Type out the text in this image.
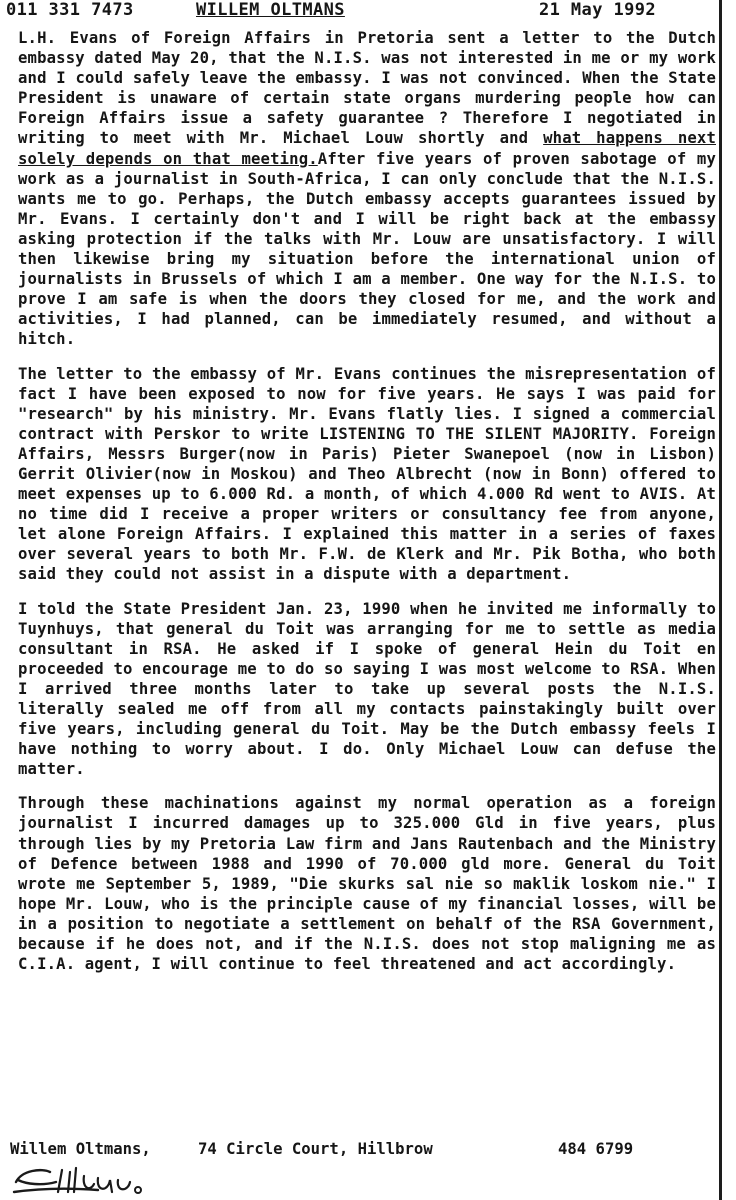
011 331 7473	WILLEM OLTMANS	21 May 1992

L.H. Evans of Foreign Affairs in Pretoria sent a letter to the Dutch embassy dated May 20, that the N.I.S. was not interested in me or my work and I could safely leave the embassy. I was not convinced. When the State President is unaware of certain state organs murdering people how can Foreign Affairs issue a safety guarantee ? Therefore I negotiated in writing to meet with Mr. Michael Louw shortly and what happens next solely depends on that meeting.After five years of proven sabotage of my work as a journalist in South-Africa, I can only conclude that the N.I.S. wants me to go. Perhaps, the Dutch embassy accepts guarantees issued by Mr. Evans. I certainly don't and I will be right back at the embassy asking protection if the talks with Mr. Louw are unsatisfactory. I will then likewise bring my situation before the international union of journalists in Brussels of which I am a member. One way for the N.I.S. to prove I am safe is when the doors they closed for me, and the work and activities, I had planned, can be immediately resumed, and without a hitch.

The letter to the embassy of Mr. Evans continues the misrepresentation of fact I have been exposed to now for five years. He says I was paid for "research" by his ministry. Mr. Evans flatly lies. I signed a commercial contract with Perskor to write LISTENING TO THE SILENT MAJORITY. Foreign Affairs, Messrs Burger(now in Paris) Pieter Swanepoel (now in Lisbon) Gerrit Olivier(now in Moskou) and Theo Albrecht (now in Bonn) offered to meet expenses up to 6.000 Rd. a month, of which 4.000 Rd went to AVIS. At no time did I receive a proper writers or consultancy fee from anyone, let alone Foreign Affairs. I explained this matter in a series of faxes over several years to both Mr. F.W. de Klerk and Mr. Pik Botha, who both said they could not assist in a dispute with a department.

I told the State President Jan. 23, 1990 when he invited me informally to Tuynhuys, that general du Toit was arranging for me to settle as media consultant in RSA. He asked if I spoke of general Hein du Toit en proceeded to encourage me to do so saying I was most welcome to RSA. When I arrived three months later to take up several posts the N.I.S. literally sealed me off from all my contacts painstakingly built over five years, including general du Toit. May be the Dutch embassy feels I have nothing to worry about. I do. Only Michael Louw can defuse the matter.

Through these machinations against my normal operation as a foreign journalist I incurred damages up to 325.000 Gld in five years, plus through lies by my Pretoria Law firm and Jans Rautenbach and the Ministry of Defence between 1988 and 1990 of 70.000 gld more. General du Toit wrote me September 5, 1989, "Die skurks sal nie so maklik loskom nie." I hope Mr. Louw, who is the principle cause of my financial losses, will be in a position to negotiate a settlement on behalf of the RSA Government, because if he does not, and if the N.I.S. does not stop maligning me as C.I.A. agent, I will continue to feel threatened and act accordingly.

Willem Oltmans,	74 Circle Court, Hillbrow	484 6799
